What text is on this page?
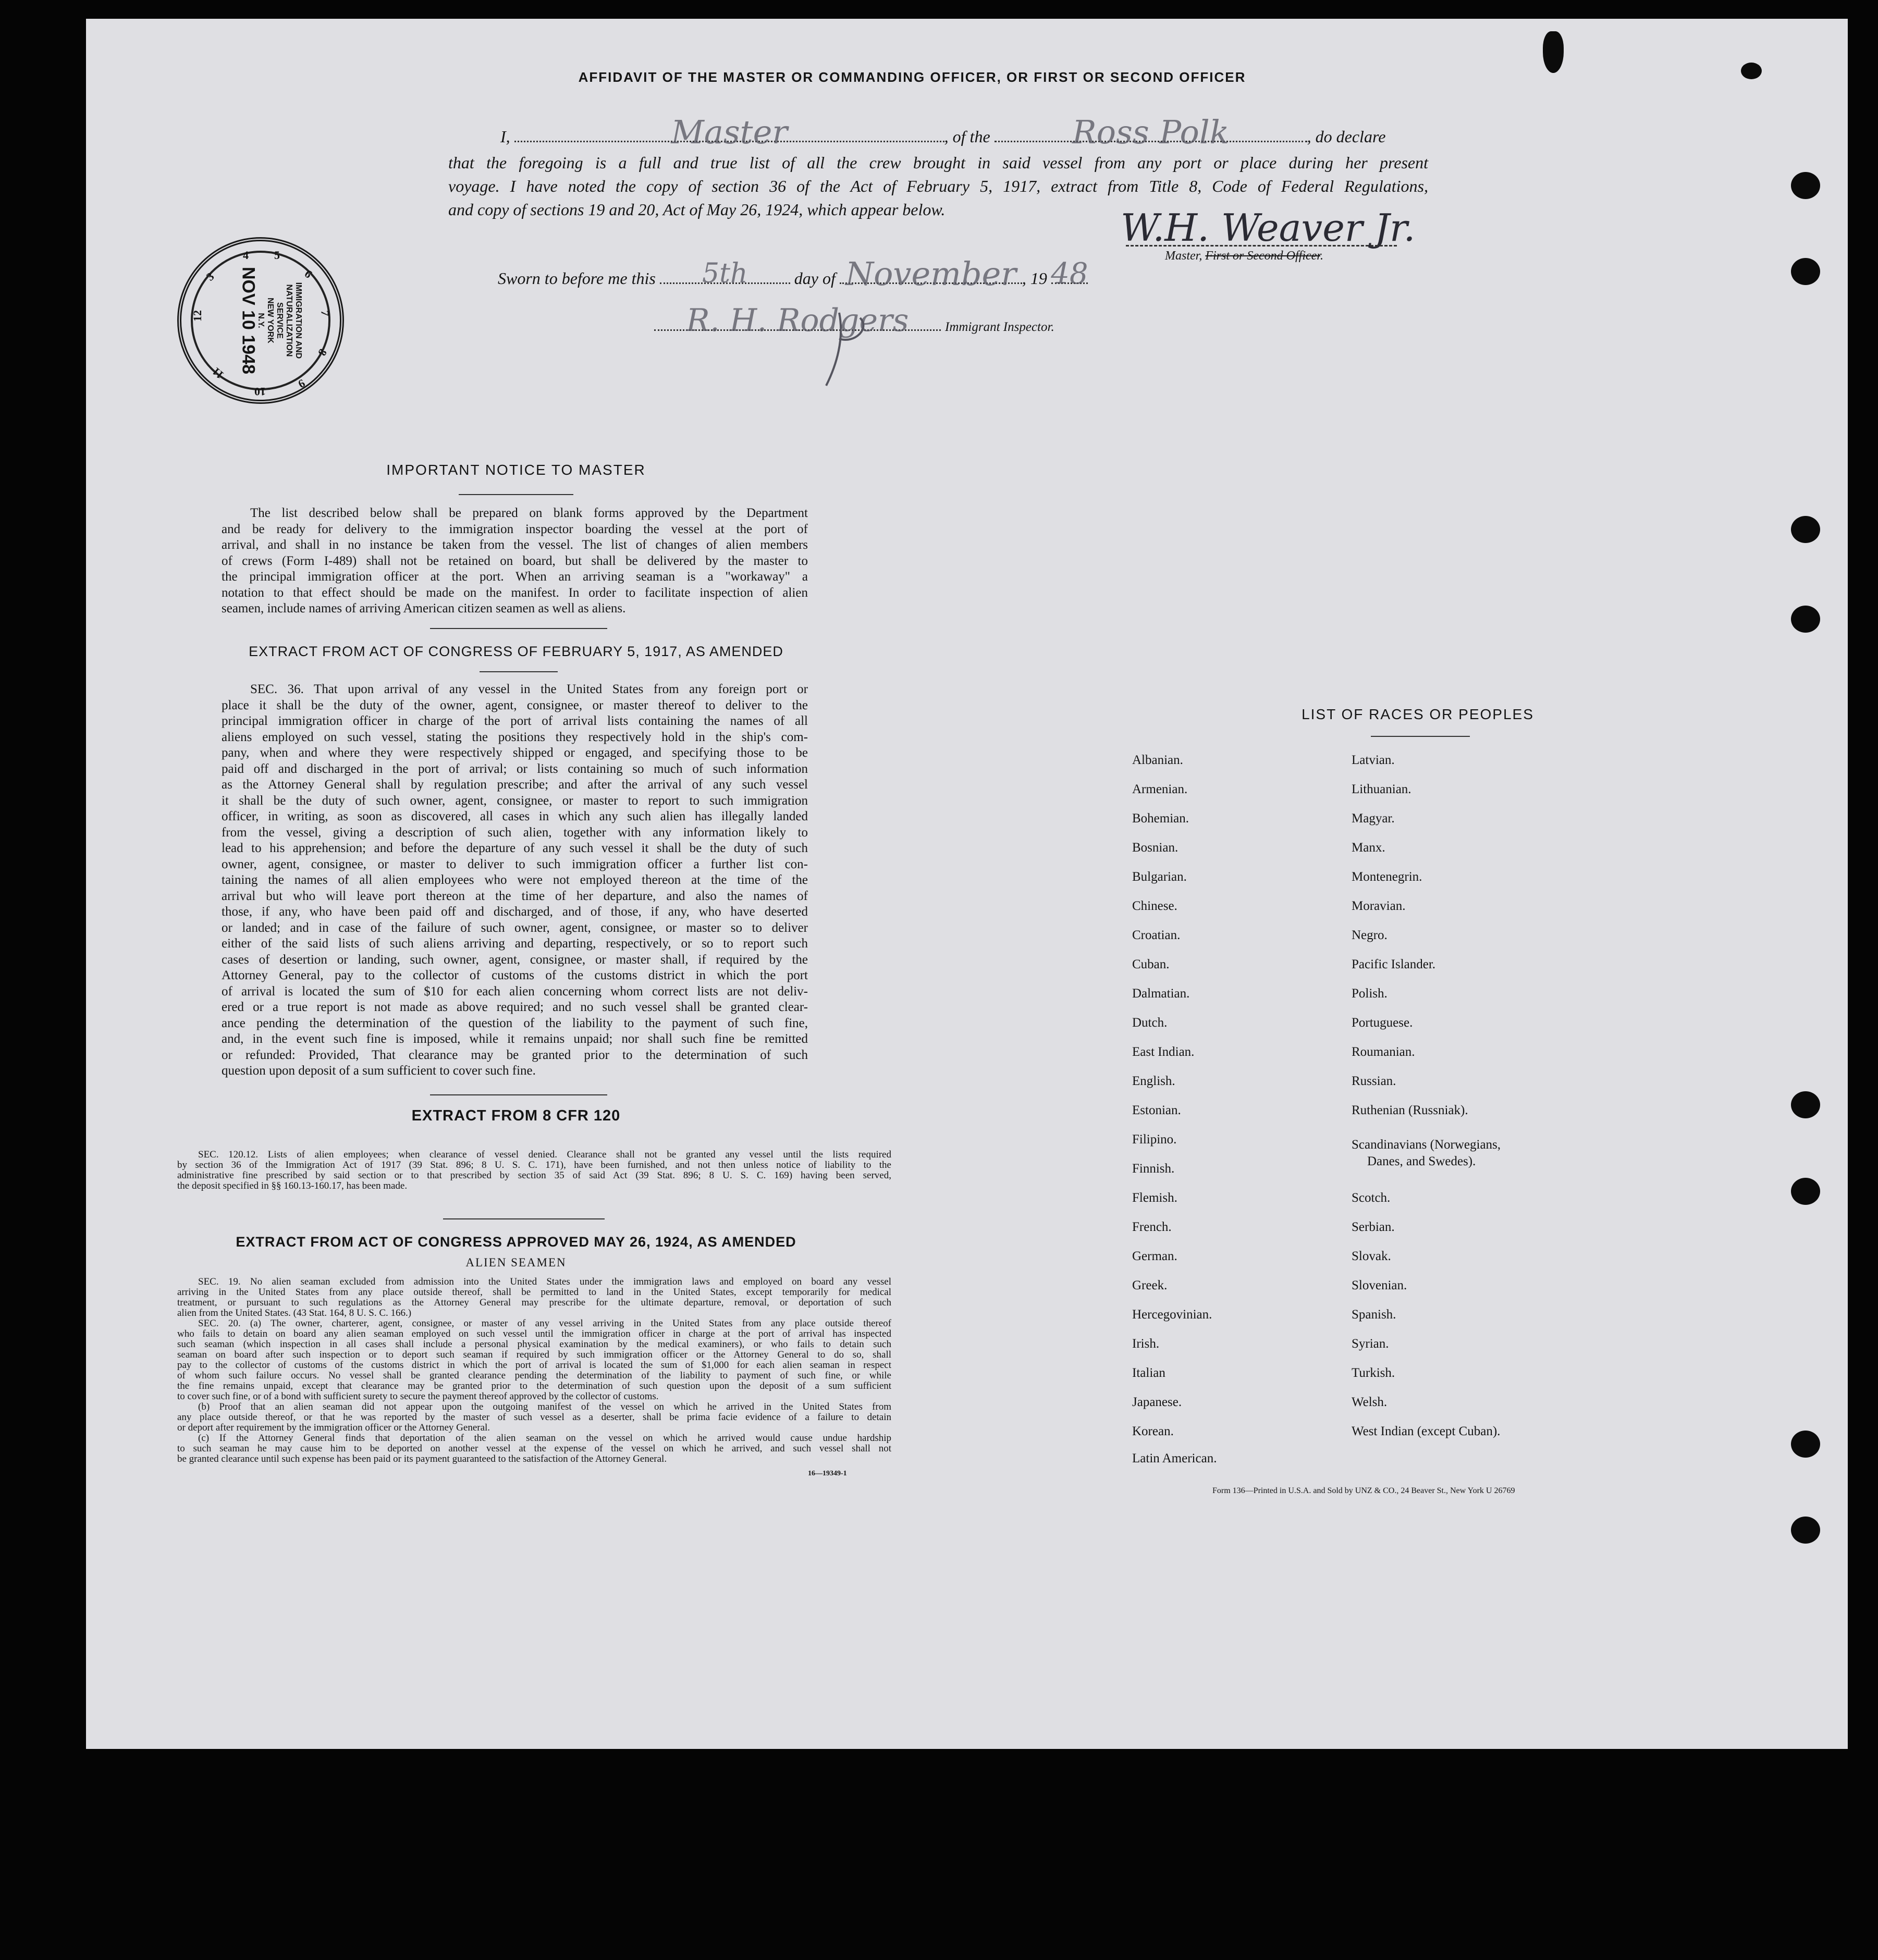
AFFIDAVIT OF THE MASTER OR COMMANDING OFFICER, OR FIRST OR SECOND OFFICER
I,	Master	, of the	Ross Polk	, do declare
that the foregoing is a full and true list of all the crew brought in said vessel from any port or place during her present
voyage. I have noted the copy of section 36 of the Act of February 5, 1917, extract from Title 8, Code of Federal Regulations,
and copy of sections 19 and 20, Act of May 26, 1924, which appear below.	W.H. Weaver Jr.
Master, First or Second Officer.
Sworn to before me this 5th	day of November , 19 48
R. H. Rodgers	Immigrant Inspector.
NOV 10 1948	IMMIGRATION AND
NATURALIZATION
SERVICE
NEW YORK
N.Y.
12
3
4 5
6
7
8
9
10
11
IMPORTANT NOTICE TO MASTER
The list described below shall be prepared on blank forms approved by the Department
and be ready for delivery to the immigration inspector boarding the vessel at the port of
arrival, and shall in no instance be taken from the vessel. The list of changes of alien members
of crews (Form I-489) shall not be retained on board, but shall be delivered by the master to
the principal immigration officer at the port. When an arriving seaman is a "workaway" a
notation to that effect should be made on the manifest. In order to facilitate inspection of alien
seamen, include names of arriving American citizen seamen as well as aliens.
EXTRACT FROM ACT OF CONGRESS OF FEBRUARY 5, 1917, AS AMENDED
SEC. 36. That upon arrival of any vessel in the United States from any foreign port or
place it shall be the duty of the owner, agent, consignee, or master thereof to deliver to the
principal immigration officer in charge of the port of arrival lists containing the names of all
aliens employed on such vessel, stating the positions they respectively hold in the ship's com-
pany, when and where they were respectively shipped or engaged, and specifying those to be
paid off and discharged in the port of arrival; or lists containing so much of such information
as the Attorney General shall by regulation prescribe; and after the arrival of any such vessel
it shall be the duty of such owner, agent, consignee, or master to report to such immigration
officer, in writing, as soon as discovered, all cases in which any such alien has illegally landed
from the vessel, giving a description of such alien, together with any information likely to
lead to his apprehension; and before the departure of any such vessel it shall be the duty of such
owner, agent, consignee, or master to deliver to such immigration officer a further list con-
taining the names of all alien employees who were not employed thereon at the time of the
arrival but who will leave port thereon at the time of her departure, and also the names of
those, if any, who have been paid off and discharged, and of those, if any, who have deserted
or landed; and in case of the failure of such owner, agent, consignee, or master so to deliver
either of the said lists of such aliens arriving and departing, respectively, or so to report such
cases of desertion or landing, such owner, agent, consignee, or master shall, if required by the
Attorney General, pay to the collector of customs of the customs district in which the port
of arrival is located the sum of $10 for each alien concerning whom correct lists are not deliv-
ered or a true report is not made as above required; and no such vessel shall be granted clear-
ance pending the determination of the question of the liability to the payment of such fine,
and, in the event such fine is imposed, while it remains unpaid; nor shall such fine be remitted
or refunded: Provided, That clearance may be granted prior to the determination of such
question upon deposit of a sum sufficient to cover such fine.
EXTRACT FROM 8 CFR 120
SEC. 120.12. Lists of alien employees; when clearance of vessel denied. Clearance shall not be granted any vessel until the lists required
by section 36 of the Immigration Act of 1917 (39 Stat. 896; 8 U. S. C. 171), have been furnished, and not then unless notice of liability to the
administrative fine prescribed by said section or to that prescribed by section 35 of said Act (39 Stat. 896; 8 U. S. C. 169) having been served,
the deposit specified in §§ 160.13-160.17, has been made.
EXTRACT FROM ACT OF CONGRESS APPROVED MAY 26, 1924, AS AMENDED
ALIEN SEAMEN
SEC. 19. No alien seaman excluded from admission into the United States under the immigration laws and employed on board any vessel
arriving in the United States from any place outside thereof, shall be permitted to land in the United States, except temporarily for medical
treatment, or pursuant to such regulations as the Attorney General may prescribe for the ultimate departure, removal, or deportation of such
alien from the United States. (43 Stat. 164, 8 U. S. C. 166.)
SEC. 20. (a) The owner, charterer, agent, consignee, or master of any vessel arriving in the United States from any place outside thereof
who fails to detain on board any alien seaman employed on such vessel until the immigration officer in charge at the port of arrival has inspected
such seaman (which inspection in all cases shall include a personal physical examination by the medical examiners), or who fails to detain such
seaman on board after such inspection or to deport such seaman if required by such immigration officer or the Attorney General to do so, shall
pay to the collector of customs of the customs district in which the port of arrival is located the sum of $1,000 for each alien seaman in respect
of whom such failure occurs. No vessel shall be granted clearance pending the determination of the liability to payment of such fine, or while
the fine remains unpaid, except that clearance may be granted prior to the determination of such question upon the deposit of a sum sufficient
to cover such fine, or of a bond with sufficient surety to secure the payment thereof approved by the collector of customs.
(b) Proof that an alien seaman did not appear upon the outgoing manifest of the vessel on which he arrived in the United States from
any place outside thereof, or that he was reported by the master of such vessel as a deserter, shall be prima facie evidence of a failure to detain
or deport after requirement by the immigration officer or the Attorney General.
(c) If the Attorney General finds that deportation of the alien seaman on the vessel on which he arrived would cause undue hardship
to such seaman he may cause him to be deported on another vessel at the expense of the vessel on which he arrived, and such vessel shall not
be granted clearance until such expense has been paid or its payment guaranteed to the satisfaction of the Attorney General.
16—19349-1
LIST OF RACES OR PEOPLES
Albanian.
Armenian.
Bohemian.
Bosnian.
Bulgarian.
Chinese.
Croatian.
Cuban.
Dalmatian.
Dutch.
East Indian.
English.
Estonian.
Filipino.
Finnish.
Flemish.
French.
German.
Greek.
Hercegovinian.
Irish.
Italian
Japanese.
Korean.
Latin American.
Latvian.
Lithuanian.
Magyar.
Manx.
Montenegrin.
Moravian.
Negro.
Pacific Islander.
Polish.
Portuguese.
Roumanian.
Russian.
Ruthenian (Russniak).
Scandinavians (Norwegians,
Danes, and Swedes).
Scotch.
Serbian.
Slovak.
Slovenian.
Spanish.
Syrian.
Turkish.
Welsh.
West Indian (except Cuban).
Form 136—Printed in U.S.A. and Sold by UNZ & CO., 24 Beaver St., New York U 26769
